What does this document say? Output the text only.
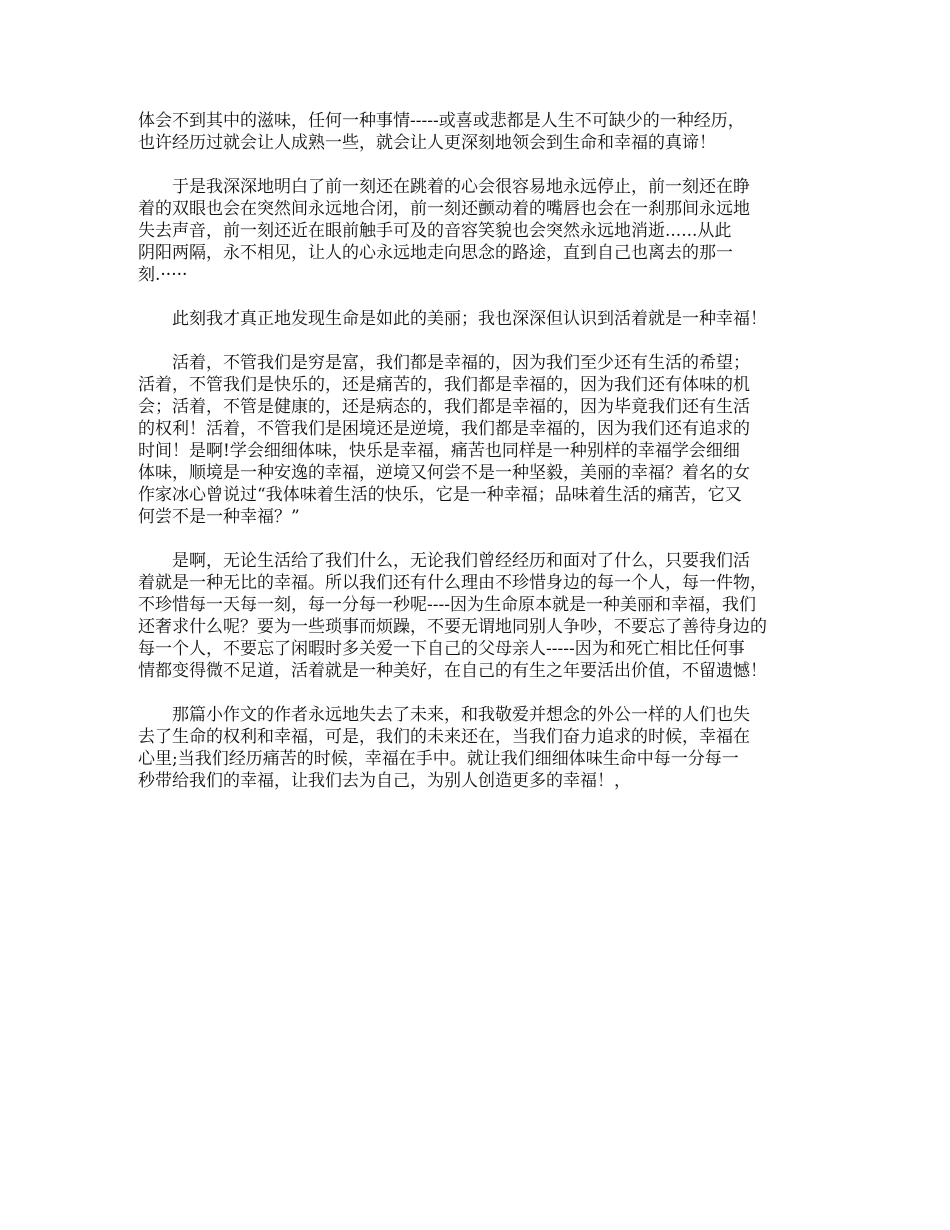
体会不到其中的滋味，任何一种事情-----或喜或悲都是人生不可缺少的一种经历，
也许经历过就会让人成熟一些，就会让人更深刻地领会到生命和幸福的真谛！

　　于是我深深地明白了前一刻还在跳着的心会很容易地永远停止，前一刻还在睁
着的双眼也会在突然间永远地合闭，前一刻还颤动着的嘴唇也会在一刹那间永远地
失去声音，前一刻还近在眼前触手可及的音容笑貌也会突然永远地消逝......从此
阴阳两隔，永不相见，让人的心永远地走向思念的路途，直到自己也离去的那一
刻.·····

　　此刻我才真正地发现生命是如此的美丽；我也深深但认识到活着就是一种幸福！

　　活着，不管我们是穷是富，我们都是幸福的，因为我们至少还有生活的希望；
活着，不管我们是快乐的，还是痛苦的，我们都是幸福的，因为我们还有体味的机
会；活着，不管是健康的，还是病态的，我们都是幸福的，因为毕竟我们还有生活
的权利！活着，不管我们是困境还是逆境，我们都是幸福的，因为我们还有追求的
时间！是啊!学会细细体味，快乐是幸福，痛苦也同样是一种别样的幸福学会细细
体味，顺境是一种安逸的幸福，逆境又何尝不是一种坚毅，美丽的幸福？着名的女
作家冰心曾说过“我体味着生活的快乐，它是一种幸福；品味着生活的痛苦，它又
何尝不是一种幸福？”

　　是啊，无论生活给了我们什么，无论我们曾经经历和面对了什么，只要我们活
着就是一种无比的幸福。所以我们还有什么理由不珍惜身边的每一个人，每一件物，
不珍惜每一天每一刻，每一分每一秒呢----因为生命原本就是一种美丽和幸福，我们
还奢求什么呢？要为一些琐事而烦躁，不要无谓地同别人争吵，不要忘了善待身边的
每一个人，不要忘了闲暇时多关爱一下自己的父母亲人-----因为和死亡相比任何事
情都变得微不足道，活着就是一种美好，在自己的有生之年要活出价值，不留遗憾！

　　那篇小作文的作者永远地失去了未来，和我敬爱并想念的外公一样的人们也失
去了生命的权利和幸福，可是，我们的未来还在，当我们奋力追求的时候，幸福在
心里;当我们经历痛苦的时候，幸福在手中。就让我们细细体味生命中每一分每一
秒带给我们的幸福，让我们去为自己，为别人创造更多的幸福！，
